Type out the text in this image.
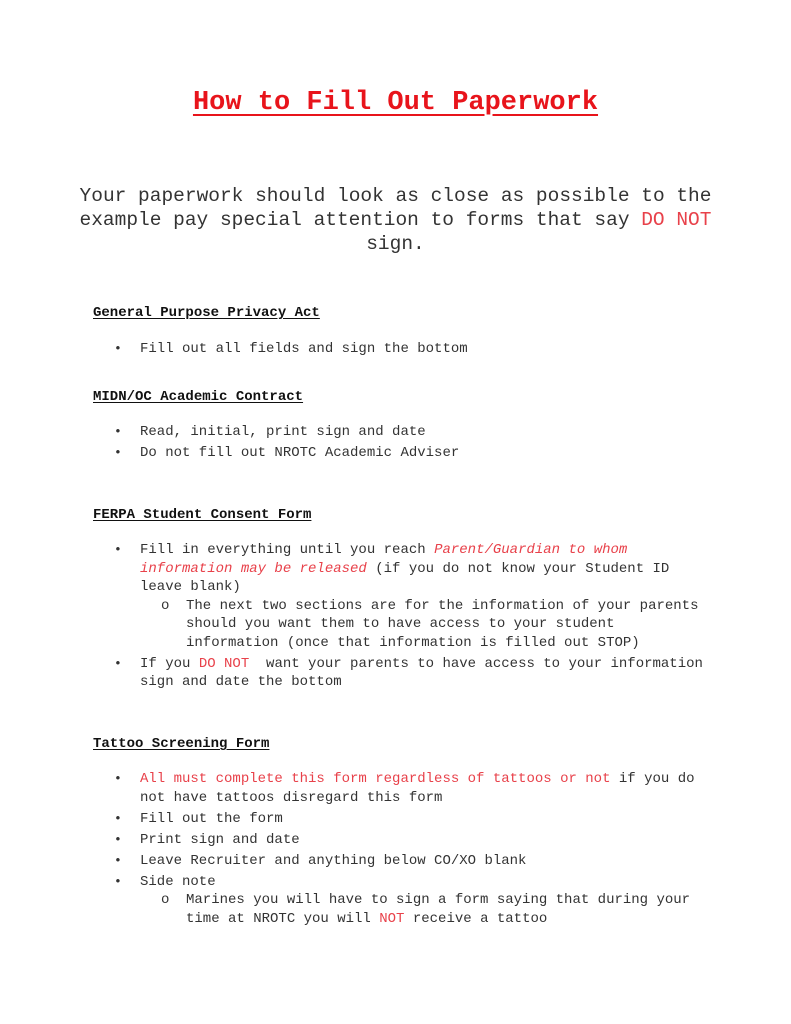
How to Fill Out Paperwork

Your paperwork should look as close as possible to the example pay special attention to forms that say DO NOT sign.

General Purpose Privacy Act
• Fill out all fields and sign the bottom
MIDN/OC Academic Contract
• Read, initial, print sign and date
• Do not fill out NROTC Academic Adviser
FERPA Student Consent Form
• Fill in everything until you reach Parent/Guardian to whom information may be released (if you do not know your Student ID leave blank)
o The next two sections are for the information of your parents should you want them to have access to your student information (once that information is filled out STOP)
• If you DO NOT  want your parents to have access to your information sign and date the bottom
Tattoo Screening Form
• All must complete this form regardless of tattoos or not if you do not have tattoos disregard this form
• Fill out the form
• Print sign and date
• Leave Recruiter and anything below CO/XO blank
• Side note
o Marines you will have to sign a form saying that during your time at NROTC you will NOT receive a tattoo
